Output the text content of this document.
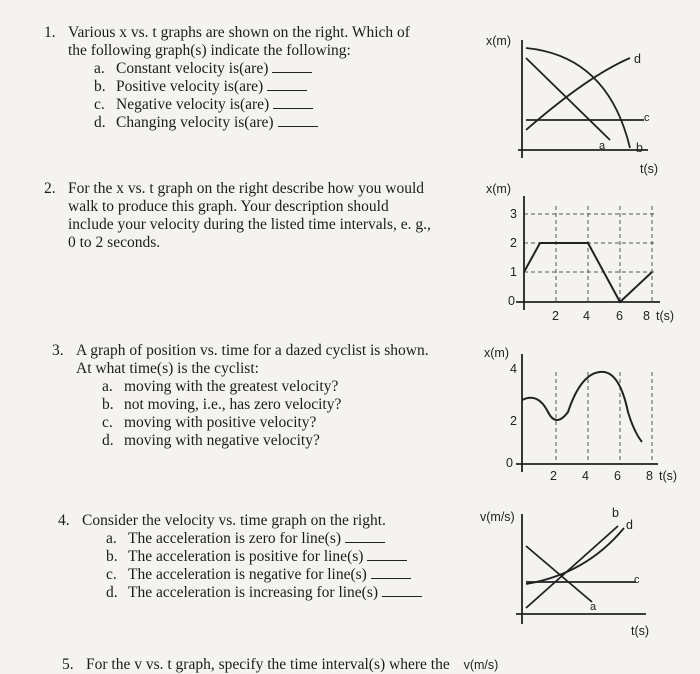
1. Various x vs. t graphs are shown on the right. Which of
the following graph(s) indicate the following:
a. Constant velocity is(are)
b. Positive velocity is(are)
c. Negative velocity is(are)
d. Changing velocity is(are)
x(m)
d
c
a b
t(s)
2. For the x vs. t graph on the right describe how you would
walk to produce this graph. Your description should
include your velocity during the listed time intervals, e. g.,
0 to 2 seconds.
x(m)
3
2
1
0
2 4 6 8 t(s)
3. A graph of position vs. time for a dazed cyclist is shown.
At what time(s) is the cyclist:
a. moving with the greatest velocity?
b. not moving, i.e., has zero velocity?
c. moving with positive velocity?
d. moving with negative velocity?
x(m)
4
2
0
2 4 6 8 t(s)
4. Consider the velocity vs. time graph on the right.
a. The acceleration is zero for line(s)
b. The acceleration is positive for line(s)
c. The acceleration is negative for line(s)
d. The acceleration is increasing for line(s)
v(m/s)	b
d
c
a
t(s)
5. For the v vs. t graph, specify the time interval(s) where the v(m/s)
